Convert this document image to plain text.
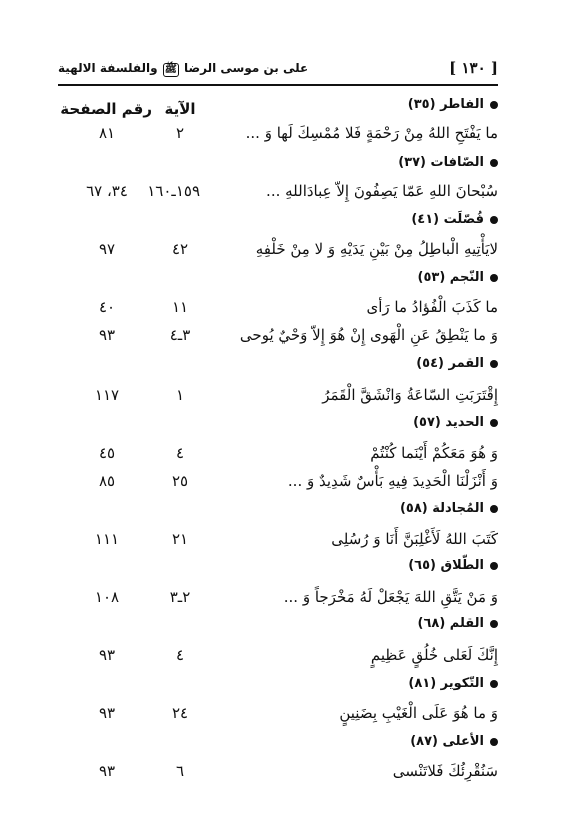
[ ١٣٠ ]
على بن موسى الرضا ﷺ والفلسفة الالهية
الآية
رقم الصفحة	الفاطر (٣٥)
ما يَفْتَحِ اللهُ مِنْ رَحْمَةٍ فَلا مُمْسِكَ لَها وَ ...
٢
٨١
الصّافات (٣٧)
سُبْحانَ اللهِ عَمّا يَصِفُونَ إِلاّ عِبادَاللهِ ...
١٥٩ـ١٦٠
٣٤، ٦٧
فُصّلَت (٤١)
لايَأْتِيهِ الْباطِلُ مِنْ بَيْنِ يَدَيْهِ وَ لا مِنْ خَلْفِهِ
٤٢
٩٧
النّجم (٥٣)
ما كَذَبَ الْفُؤادُ ما رَأى
١١
٤٠
وَ ما يَنْطِقُ عَنِ الْهَوى إِنْ هُوَ إِلاّ وَحْيٌ يُوحى
٣ـ٤
٩٣
القمر (٥٤)
إِقْتَرَبَتِ السّاعَةُ وَانْشَقَّ الْقَمَرُ
١
١١٧
الحديد (٥٧)
وَ هُوَ مَعَكُمْ أَيْنَما كُنْتُمْ
٤
٤٥
وَ أَنْزَلْنَا الْحَدِيدَ فِيهِ بَأْسٌ شَدِيدٌ وَ ...
٢٥
٨٥
المُجادلة (٥٨)
كَتَبَ اللهُ لَأَغْلِبَنَّ أَنَا وَ رُسُلِى
٢١
١١١
الطّلاق (٦٥)
وَ مَنْ يَتَّقِ اللهَ يَجْعَلْ لَهُ مَخْرَجاً وَ ...
٢ـ٣
١٠٨
القلم (٦٨)
إِنَّكَ لَعَلى خُلُقٍ عَظِيمٍ
٤
٩٣
التّكوير (٨١)
وَ ما هُوَ عَلَى الْغَيْبِ بِضَنِينٍ
٢٤
٩٣
الأعلى (٨٧)
سَنُقْرِئُكَ فَلاتَنْسى
٦
٩٣
